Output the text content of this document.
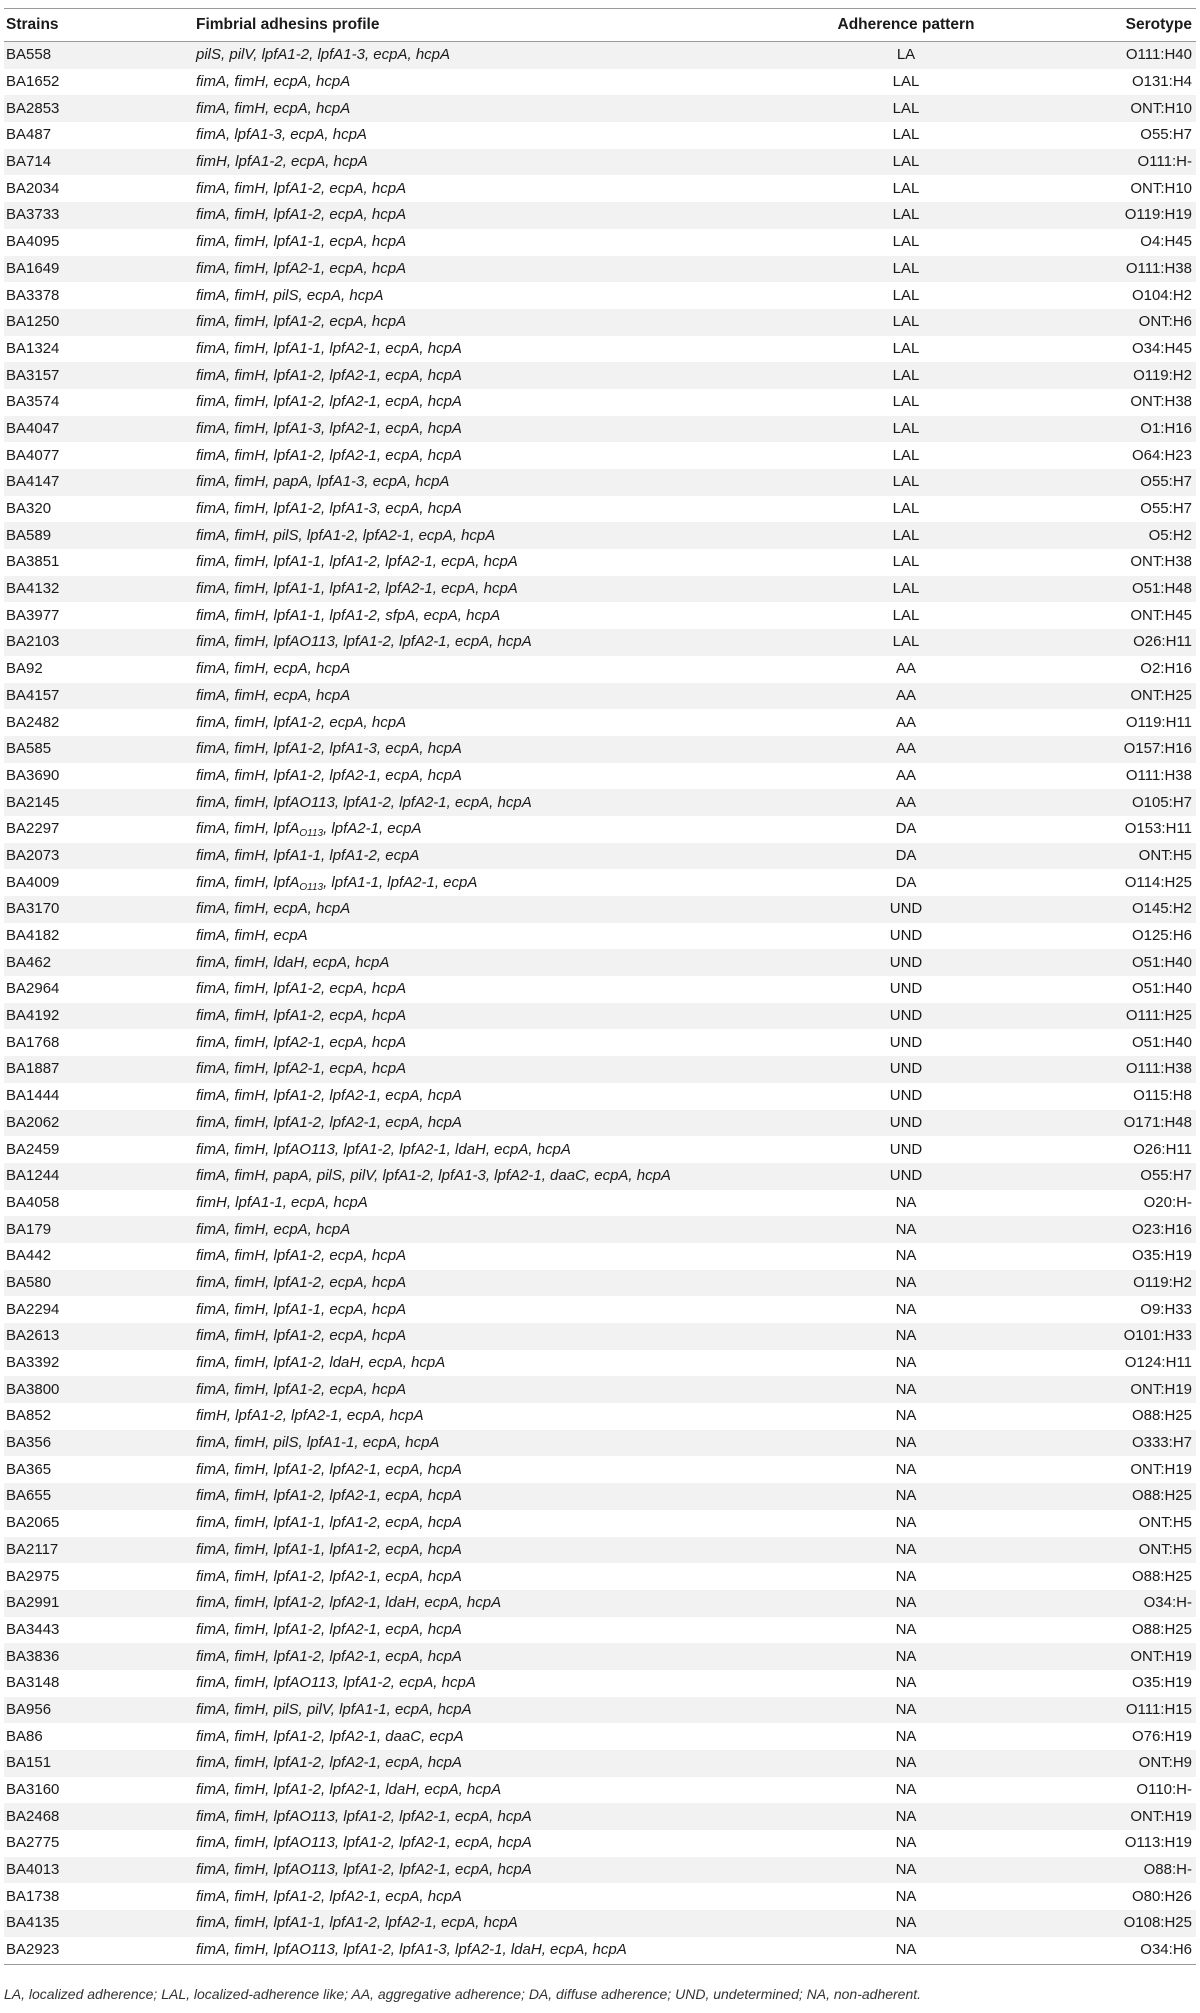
Strains	Fimbrial adhesins profile	Adherence pattern	Serotype
BA558	pilS, pilV, lpfA1-2, lpfA1-3, ecpA, hcpA	LA	O111:H40
BA1652	fimA, fimH, ecpA, hcpA	LAL	O131:H4
BA2853	fimA, fimH, ecpA, hcpA	LAL	ONT:H10
BA487	fimA, lpfA1-3, ecpA, hcpA	LAL	O55:H7
BA714	fimH, lpfA1-2, ecpA, hcpA	LAL	O111:H-
BA2034	fimA, fimH, lpfA1-2, ecpA, hcpA	LAL	ONT:H10
BA3733	fimA, fimH, lpfA1-2, ecpA, hcpA	LAL	O119:H19
BA4095	fimA, fimH, lpfA1-1, ecpA, hcpA	LAL	O4:H45
BA1649	fimA, fimH, lpfA2-1, ecpA, hcpA	LAL	O111:H38
BA3378	fimA, fimH, pilS, ecpA, hcpA	LAL	O104:H2
BA1250	fimA, fimH, lpfA1-2, ecpA, hcpA	LAL	ONT:H6
BA1324	fimA, fimH, lpfA1-1, lpfA2-1, ecpA, hcpA	LAL	O34:H45
BA3157	fimA, fimH, lpfA1-2, lpfA2-1, ecpA, hcpA	LAL	O119:H2
BA3574	fimA, fimH, lpfA1-2, lpfA2-1, ecpA, hcpA	LAL	ONT:H38
BA4047	fimA, fimH, lpfA1-3, lpfA2-1, ecpA, hcpA	LAL	O1:H16
BA4077	fimA, fimH, lpfA1-2, lpfA2-1, ecpA, hcpA	LAL	O64:H23
BA4147	fimA, fimH, papA, lpfA1-3, ecpA, hcpA	LAL	O55:H7
BA320	fimA, fimH, lpfA1-2, lpfA1-3, ecpA, hcpA	LAL	O55:H7
BA589	fimA, fimH, pilS, lpfA1-2, lpfA2-1, ecpA, hcpA	LAL	O5:H2
BA3851	fimA, fimH, lpfA1-1, lpfA1-2, lpfA2-1, ecpA, hcpA	LAL	ONT:H38
BA4132	fimA, fimH, lpfA1-1, lpfA1-2, lpfA2-1, ecpA, hcpA	LAL	O51:H48
BA3977	fimA, fimH, lpfA1-1, lpfA1-2, sfpA, ecpA, hcpA	LAL	ONT:H45
BA2103	fimA, fimH, lpfAO113, lpfA1-2, lpfA2-1, ecpA, hcpA	LAL	O26:H11
BA92	fimA, fimH, ecpA, hcpA	AA	O2:H16
BA4157	fimA, fimH, ecpA, hcpA	AA	ONT:H25
BA2482	fimA, fimH, lpfA1-2, ecpA, hcpA	AA	O119:H11
BA585	fimA, fimH, lpfA1-2, lpfA1-3, ecpA, hcpA	AA	O157:H16
BA3690	fimA, fimH, lpfA1-2, lpfA2-1, ecpA, hcpA	AA	O111:H38
BA2145	fimA, fimH, lpfAO113, lpfA1-2, lpfA2-1, ecpA, hcpA	AA	O105:H7
BA2297	fimA, fimH, lpfA$_{O113}$, lpfA2-1, ecpA	DA	O153:H11
BA2073	fimA, fimH, lpfA1-1, lpfA1-2, ecpA	DA	ONT:H5
BA4009	fimA, fimH, lpfA$_{O113}$, lpfA1-1, lpfA2-1, ecpA	DA	O114:H25
BA3170	fimA, fimH, ecpA, hcpA	UND	O145:H2
BA4182	fimA, fimH, ecpA	UND	O125:H6
BA462	fimA, fimH, ldaH, ecpA, hcpA	UND	O51:H40
BA2964	fimA, fimH, lpfA1-2, ecpA, hcpA	UND	O51:H40
BA4192	fimA, fimH, lpfA1-2, ecpA, hcpA	UND	O111:H25
BA1768	fimA, fimH, lpfA2-1, ecpA, hcpA	UND	O51:H40
BA1887	fimA, fimH, lpfA2-1, ecpA, hcpA	UND	O111:H38
BA1444	fimA, fimH, lpfA1-2, lpfA2-1, ecpA, hcpA	UND	O115:H8
BA2062	fimA, fimH, lpfA1-2, lpfA2-1, ecpA, hcpA	UND	O171:H48
BA2459	fimA, fimH, lpfAO113, lpfA1-2, lpfA2-1, ldaH, ecpA, hcpA	UND	O26:H11
BA1244	fimA, fimH, papA, pilS, pilV, lpfA1-2, lpfA1-3, lpfA2-1, daaC, ecpA, hcpA	UND	O55:H7
BA4058	fimH, lpfA1-1, ecpA, hcpA	NA	O20:H-
BA179	fimA, fimH, ecpA, hcpA	NA	O23:H16
BA442	fimA, fimH, lpfA1-2, ecpA, hcpA	NA	O35:H19
BA580	fimA, fimH, lpfA1-2, ecpA, hcpA	NA	O119:H2
BA2294	fimA, fimH, lpfA1-1, ecpA, hcpA	NA	O9:H33
BA2613	fimA, fimH, lpfA1-2, ecpA, hcpA	NA	O101:H33
BA3392	fimA, fimH, lpfA1-2, ldaH, ecpA, hcpA	NA	O124:H11
BA3800	fimA, fimH, lpfA1-2, ecpA, hcpA	NA	ONT:H19
BA852	fimH, lpfA1-2, lpfA2-1, ecpA, hcpA	NA	O88:H25
BA356	fimA, fimH, pilS, lpfA1-1, ecpA, hcpA	NA	O333:H7
BA365	fimA, fimH, lpfA1-2, lpfA2-1, ecpA, hcpA	NA	ONT:H19
BA655	fimA, fimH, lpfA1-2, lpfA2-1, ecpA, hcpA	NA	O88:H25
BA2065	fimA, fimH, lpfA1-1, lpfA1-2, ecpA, hcpA	NA	ONT:H5
BA2117	fimA, fimH, lpfA1-1, lpfA1-2, ecpA, hcpA	NA	ONT:H5
BA2975	fimA, fimH, lpfA1-2, lpfA2-1, ecpA, hcpA	NA	O88:H25
BA2991	fimA, fimH, lpfA1-2, lpfA2-1, ldaH, ecpA, hcpA	NA	O34:H-
BA3443	fimA, fimH, lpfA1-2, lpfA2-1, ecpA, hcpA	NA	O88:H25
BA3836	fimA, fimH, lpfA1-2, lpfA2-1, ecpA, hcpA	NA	ONT:H19
BA3148	fimA, fimH, lpfAO113, lpfA1-2, ecpA, hcpA	NA	O35:H19
BA956	fimA, fimH, pilS, pilV, lpfA1-1, ecpA, hcpA	NA	O111:H15
BA86	fimA, fimH, lpfA1-2, lpfA2-1, daaC, ecpA	NA	O76:H19
BA151	fimA, fimH, lpfA1-2, lpfA2-1, ecpA, hcpA	NA	ONT:H9
BA3160	fimA, fimH, lpfA1-2, lpfA2-1, ldaH, ecpA, hcpA	NA	O110:H-
BA2468	fimA, fimH, lpfAO113, lpfA1-2, lpfA2-1, ecpA, hcpA	NA	ONT:H19
BA2775	fimA, fimH, lpfAO113, lpfA1-2, lpfA2-1, ecpA, hcpA	NA	O113:H19
BA4013	fimA, fimH, lpfAO113, lpfA1-2, lpfA2-1, ecpA, hcpA	NA	O88:H-
BA1738	fimA, fimH, lpfA1-2, lpfA2-1, ecpA, hcpA	NA	O80:H26
BA4135	fimA, fimH, lpfA1-1, lpfA1-2, lpfA2-1, ecpA, hcpA	NA	O108:H25
BA2923	fimA, fimH, lpfAO113, lpfA1-2, lpfA1-3, lpfA2-1, ldaH, ecpA, hcpA	NA	O34:H6
LA, localized adherence; LAL, localized-adherence like; AA, aggregative adherence; DA, diffuse adherence; UND, undetermined; NA, non-adherent.
